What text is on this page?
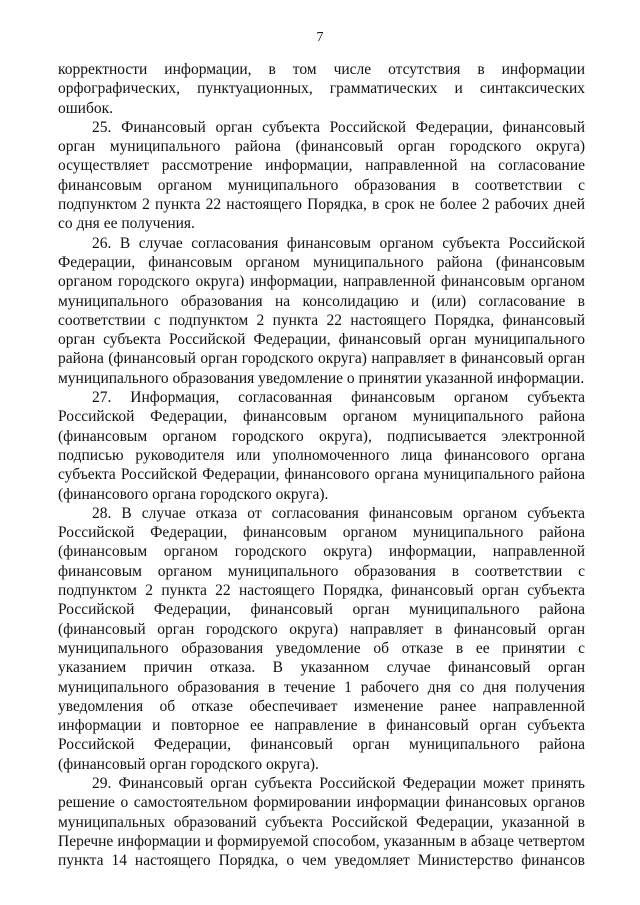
7

корректности информации, в том числе отсутствия в информации орфографических, пунктуационных, грамматических и синтаксических ошибок.

25. Финансовый орган субъекта Российской Федерации, финансовый орган муниципального района (финансовый орган городского округа) осуществляет рассмотрение информации, направленной на согласование финансовым органом муниципального образования в соответствии с подпунктом 2 пункта 22 настоящего Порядка, в срок не более 2 рабочих дней со дня ее получения.

26. В случае согласования финансовым органом субъекта Российской Федерации, финансовым органом муниципального района (финансовым органом городского округа) информации, направленной финансовым органом муниципального образования на консолидацию и (или) согласование в соответствии с подпунктом 2 пункта 22 настоящего Порядка, финансовый орган субъекта Российской Федерации, финансовый орган муниципального района (финансовый орган городского округа) направляет в финансовый орган муниципального образования уведомление о принятии указанной информации.

27. Информация, согласованная финансовым органом субъекта Российской Федерации, финансовым органом муниципального района (финансовым органом городского округа), подписывается электронной подписью руководителя или уполномоченного лица финансового органа субъекта Российской Федерации, финансового органа муниципального района (финансового органа городского округа).

28. В случае отказа от согласования финансовым органом субъекта Российской Федерации, финансовым органом муниципального района (финансовым органом городского округа) информации, направленной финансовым органом муниципального образования в соответствии с подпунктом 2 пункта 22 настоящего Порядка, финансовый орган субъекта Российской Федерации, финансовый орган муниципального района (финансовый орган городского округа) направляет в финансовый орган муниципального образования уведомление об отказе в ее принятии с указанием причин отказа. В указанном случае финансовый орган муниципального образования в течение 1 рабочего дня со дня получения уведомления об отказе обеспечивает изменение ранее направленной информации и повторное ее направление в финансовый орган субъекта Российской Федерации, финансовый орган муниципального района (финансовый орган городского округа).

29. Финансовый орган субъекта Российской Федерации может принять решение о самостоятельном формировании информации финансовых органов муниципальных образований субъекта Российской Федерации, указанной в Перечне информации и формируемой способом, указанным в абзаце четвертом пункта 14 настоящего Порядка, о чем уведомляет Министерство финансов
